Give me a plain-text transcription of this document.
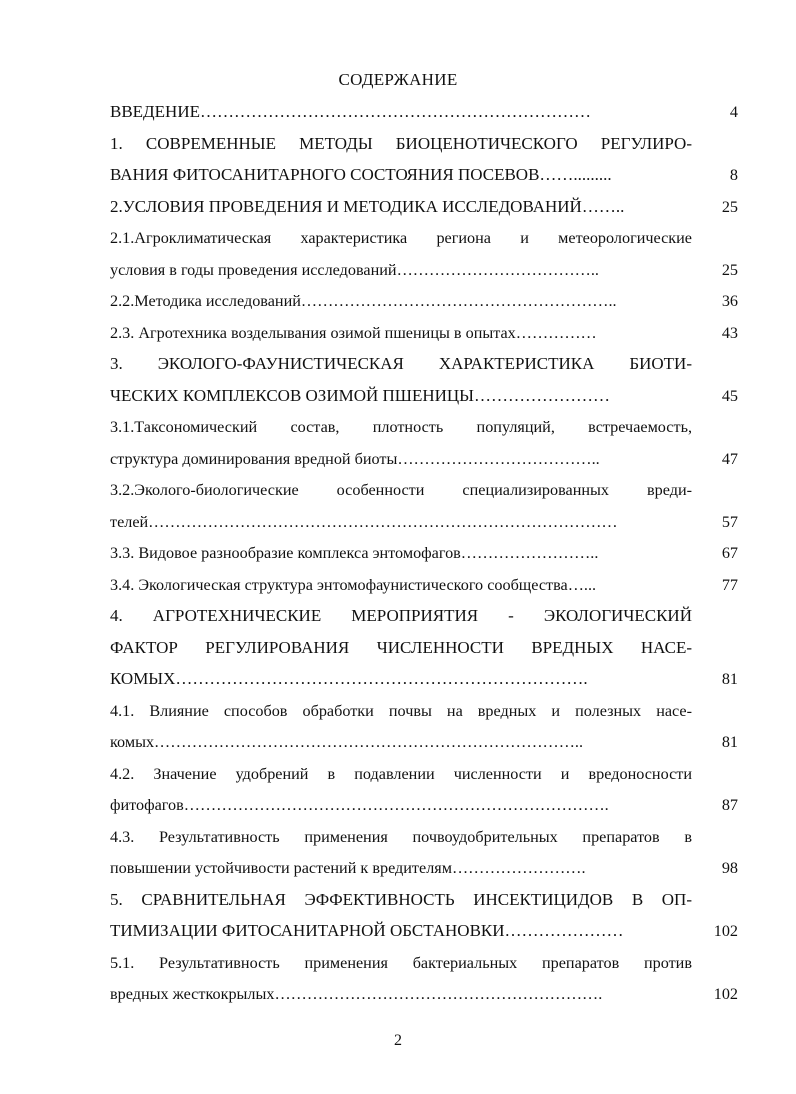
СОДЕРЖАНИЕ
ВВЕДЕНИЕ……………………………………………………………	4
1. СОВРЕМЕННЫЕ МЕТОДЫ БИОЦЕНОТИЧЕСКОГО РЕГУЛИРО-
ВАНИЯ ФИТОСАНИТАРНОГО СОСТОЯНИЯ ПОСЕВОВ…….........	8
2.УСЛОВИЯ ПРОВЕДЕНИЯ И МЕТОДИКА ИССЛЕДОВАНИЙ……..	25
2.1.Агроклиматическая характеристика региона и метеорологические
условия в годы проведения исследований………………………………..	25
2.2.Методика исследований…………………………………………………..	36
2.3. Агротехника возделывания озимой пшеницы в опытах……………	43
3. ЭКОЛОГО-ФАУНИСТИЧЕСКАЯ ХАРАКТЕРИСТИКА БИОТИ-
ЧЕСКИХ КОМПЛЕКСОВ ОЗИМОЙ ПШЕНИЦЫ……………………	45
3.1.Таксономический состав, плотность популяций, встречаемость,
структура доминирования вредной биоты………………………………..	47
3.2.Эколого-биологические особенности специализированных вреди-
телей……………………………………………………………………………	57
3.3. Видовое разнообразие комплекса энтомофагов……………………..	67
3.4. Экологическая структура энтомофаунистического сообщества…...	77
4. АГРОТЕХНИЧЕСКИЕ МЕРОПРИЯТИЯ - ЭКОЛОГИЧЕСКИЙ
ФАКТОР РЕГУЛИРОВАНИЯ ЧИСЛЕННОСТИ ВРЕДНЫХ НАСЕ-
КОМЫХ……………………………………………………………….	81
4.1. Влияние способов обработки почвы на вредных и полезных насе-
комых……………………………………………………………………..	81
4.2. Значение удобрений в подавлении численности и вредоносности
фитофагов…………………………………………………………………….	87
4.3. Результативность применения почвоудобрительных препаратов в
повышении устойчивости растений к вредителям…………………….	98
5. СРАВНИТЕЛЬНАЯ ЭФФЕКТИВНОСТЬ ИНСЕКТИЦИДОВ В ОП-
ТИМИЗАЦИИ ФИТОСАНИТАРНОЙ ОБСТАНОВКИ…………………	102
5.1. Результативность применения бактериальных препаратов против
вредных жесткокрылых…………………………………………………….	102
2
